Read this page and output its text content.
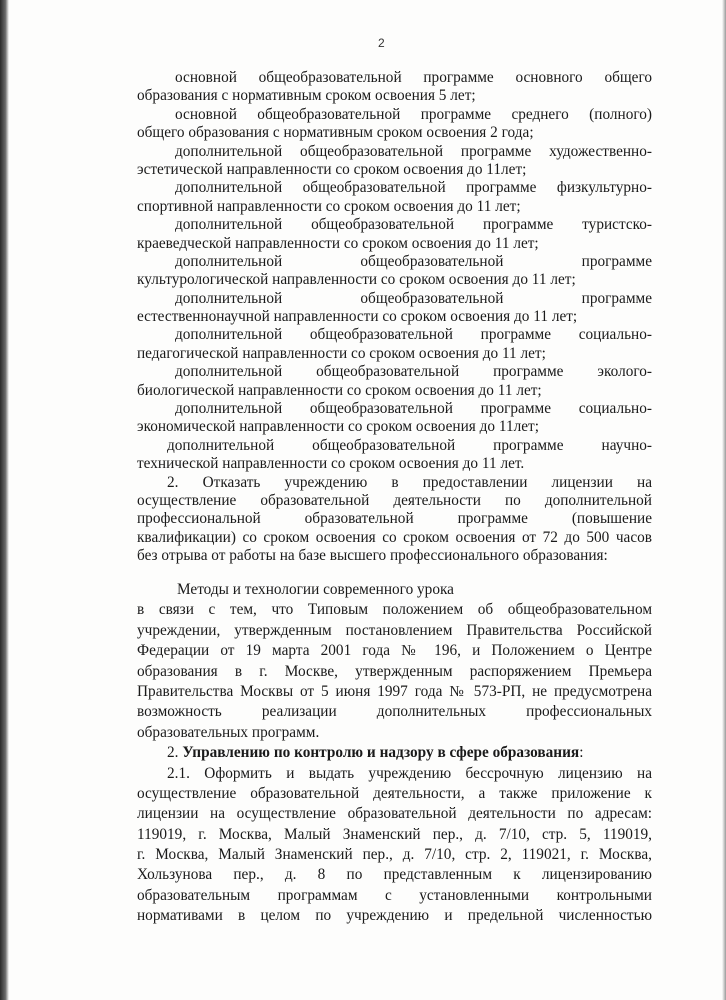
2
основной общеобразовательной программе основного общего
образования с нормативным сроком освоения 5 лет;
основной общеобразовательной программе среднего (полного)
общего образования с нормативным сроком освоения 2 года;
дополнительной общеобразовательной программе художественно-
эстетической направленности со сроком освоения до 11лет;
дополнительной общеобразовательной программе физкультурно-
спортивной направленности со сроком освоения до 11 лет;
дополнительной общеобразовательной программе туристско-
краеведческой направленности со сроком освоения до 11 лет;
дополнительной общеобразовательной программе
культурологической направленности со сроком освоения до 11 лет;
дополнительной общеобразовательной программе
естественнонаучной направленности со сроком освоения до 11 лет;
дополнительной общеобразовательной программе социально-
педагогической направленности со сроком освоения до 11 лет;
дополнительной общеобразовательной программе эколого-
биологической направленности со сроком освоения до 11 лет;
дополнительной общеобразовательной программе социально-
экономической направленности со сроком освоения до 11лет;
дополнительной общеобразовательной программе научно-
технической направленности со сроком освоения до 11 лет.
2. Отказать учреждению в предоставлении лицензии на
осуществление образовательной деятельности по дополнительной
профессиональной образовательной программе (повышение
квалификации) со сроком освоения со сроком освоения от 72 до 500 часов
без отрыва от работы на базе высшего профессионального образования:
Методы и технологии современного урока
в связи с тем, что Типовым положением об общеобразовательном
учреждении, утвержденным постановлением Правительства Российской
Федерации от 19 марта 2001 года № 196, и Положением о Центре
образования в г. Москве, утвержденным распоряжением Премьера
Правительства Москвы от 5 июня 1997 года № 573-РП, не предусмотрена
возможность реализации дополнительных профессиональных
образовательных программ.
2. Управлению по контролю и надзору в сфере образования:
2.1. Оформить и выдать учреждению бессрочную лицензию на
осуществление образовательной деятельности, а также приложение к
лицензии на осуществление образовательной деятельности по адресам:
119019, г. Москва, Малый Знаменский пер., д. 7/10, стр. 5, 119019,
г. Москва, Малый Знаменский пер., д. 7/10, стр. 2, 119021, г. Москва,
Хользунова пер., д. 8 по представленным к лицензированию
образовательным программам с установленными контрольными
нормативами в целом по учреждению и предельной численностью
